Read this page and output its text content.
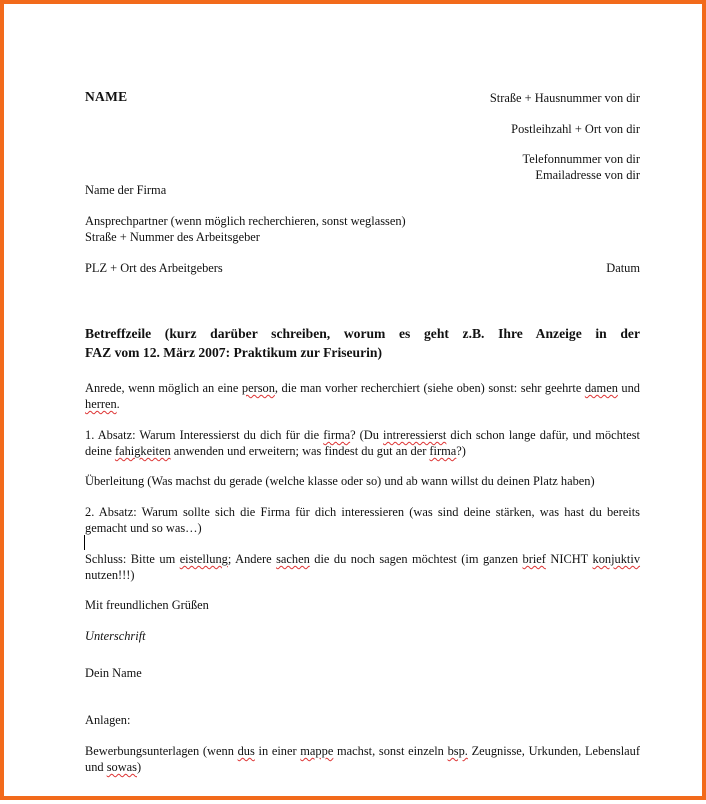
NAME	Straße + Hausnummer von dir
Postleihzahl + Ort von dir
Telefonnummer von dir
Emailadresse von dir
Name der Firma
Ansprechpartner (wenn möglich recherchieren, sonst weglassen)
Straße + Nummer des Arbeitsgeber
PLZ + Ort des Arbeitgebers	Datum
Betreffzeile (kurz darüber schreiben, worum es geht z.B. Ihre Anzeige in der
FAZ vom 12. März 2007: Praktikum zur Friseurin)
Anrede, wenn möglich an eine person, die man vorher recherchiert (siehe oben) sonst: sehr geehrte damen und herren.
1. Absatz: Warum Interessierst du dich für die firma? (Du intreressierst dich schon lange dafür, und möchtest deine fahigkeiten anwenden und erweitern; was findest du gut an der firma?)
Überleitung (Was machst du gerade (welche klasse oder so) und ab wann willst du deinen Platz haben)
2. Absatz: Warum sollte sich die Firma für dich interessieren (was sind deine stärken, was hast du bereits gemacht und so was…)
Schluss: Bitte um eistellung; Andere sachen die du noch sagen möchtest (im ganzen brief NICHT konjuktiv nutzen!!!)
Mit freundlichen Grüßen
Unterschrift
Dein Name
Anlagen:
Bewerbungsunterlagen (wenn dus in einer mappe machst, sonst einzeln bsp. Zeugnisse, Urkunden, Lebenslauf und sowas)
